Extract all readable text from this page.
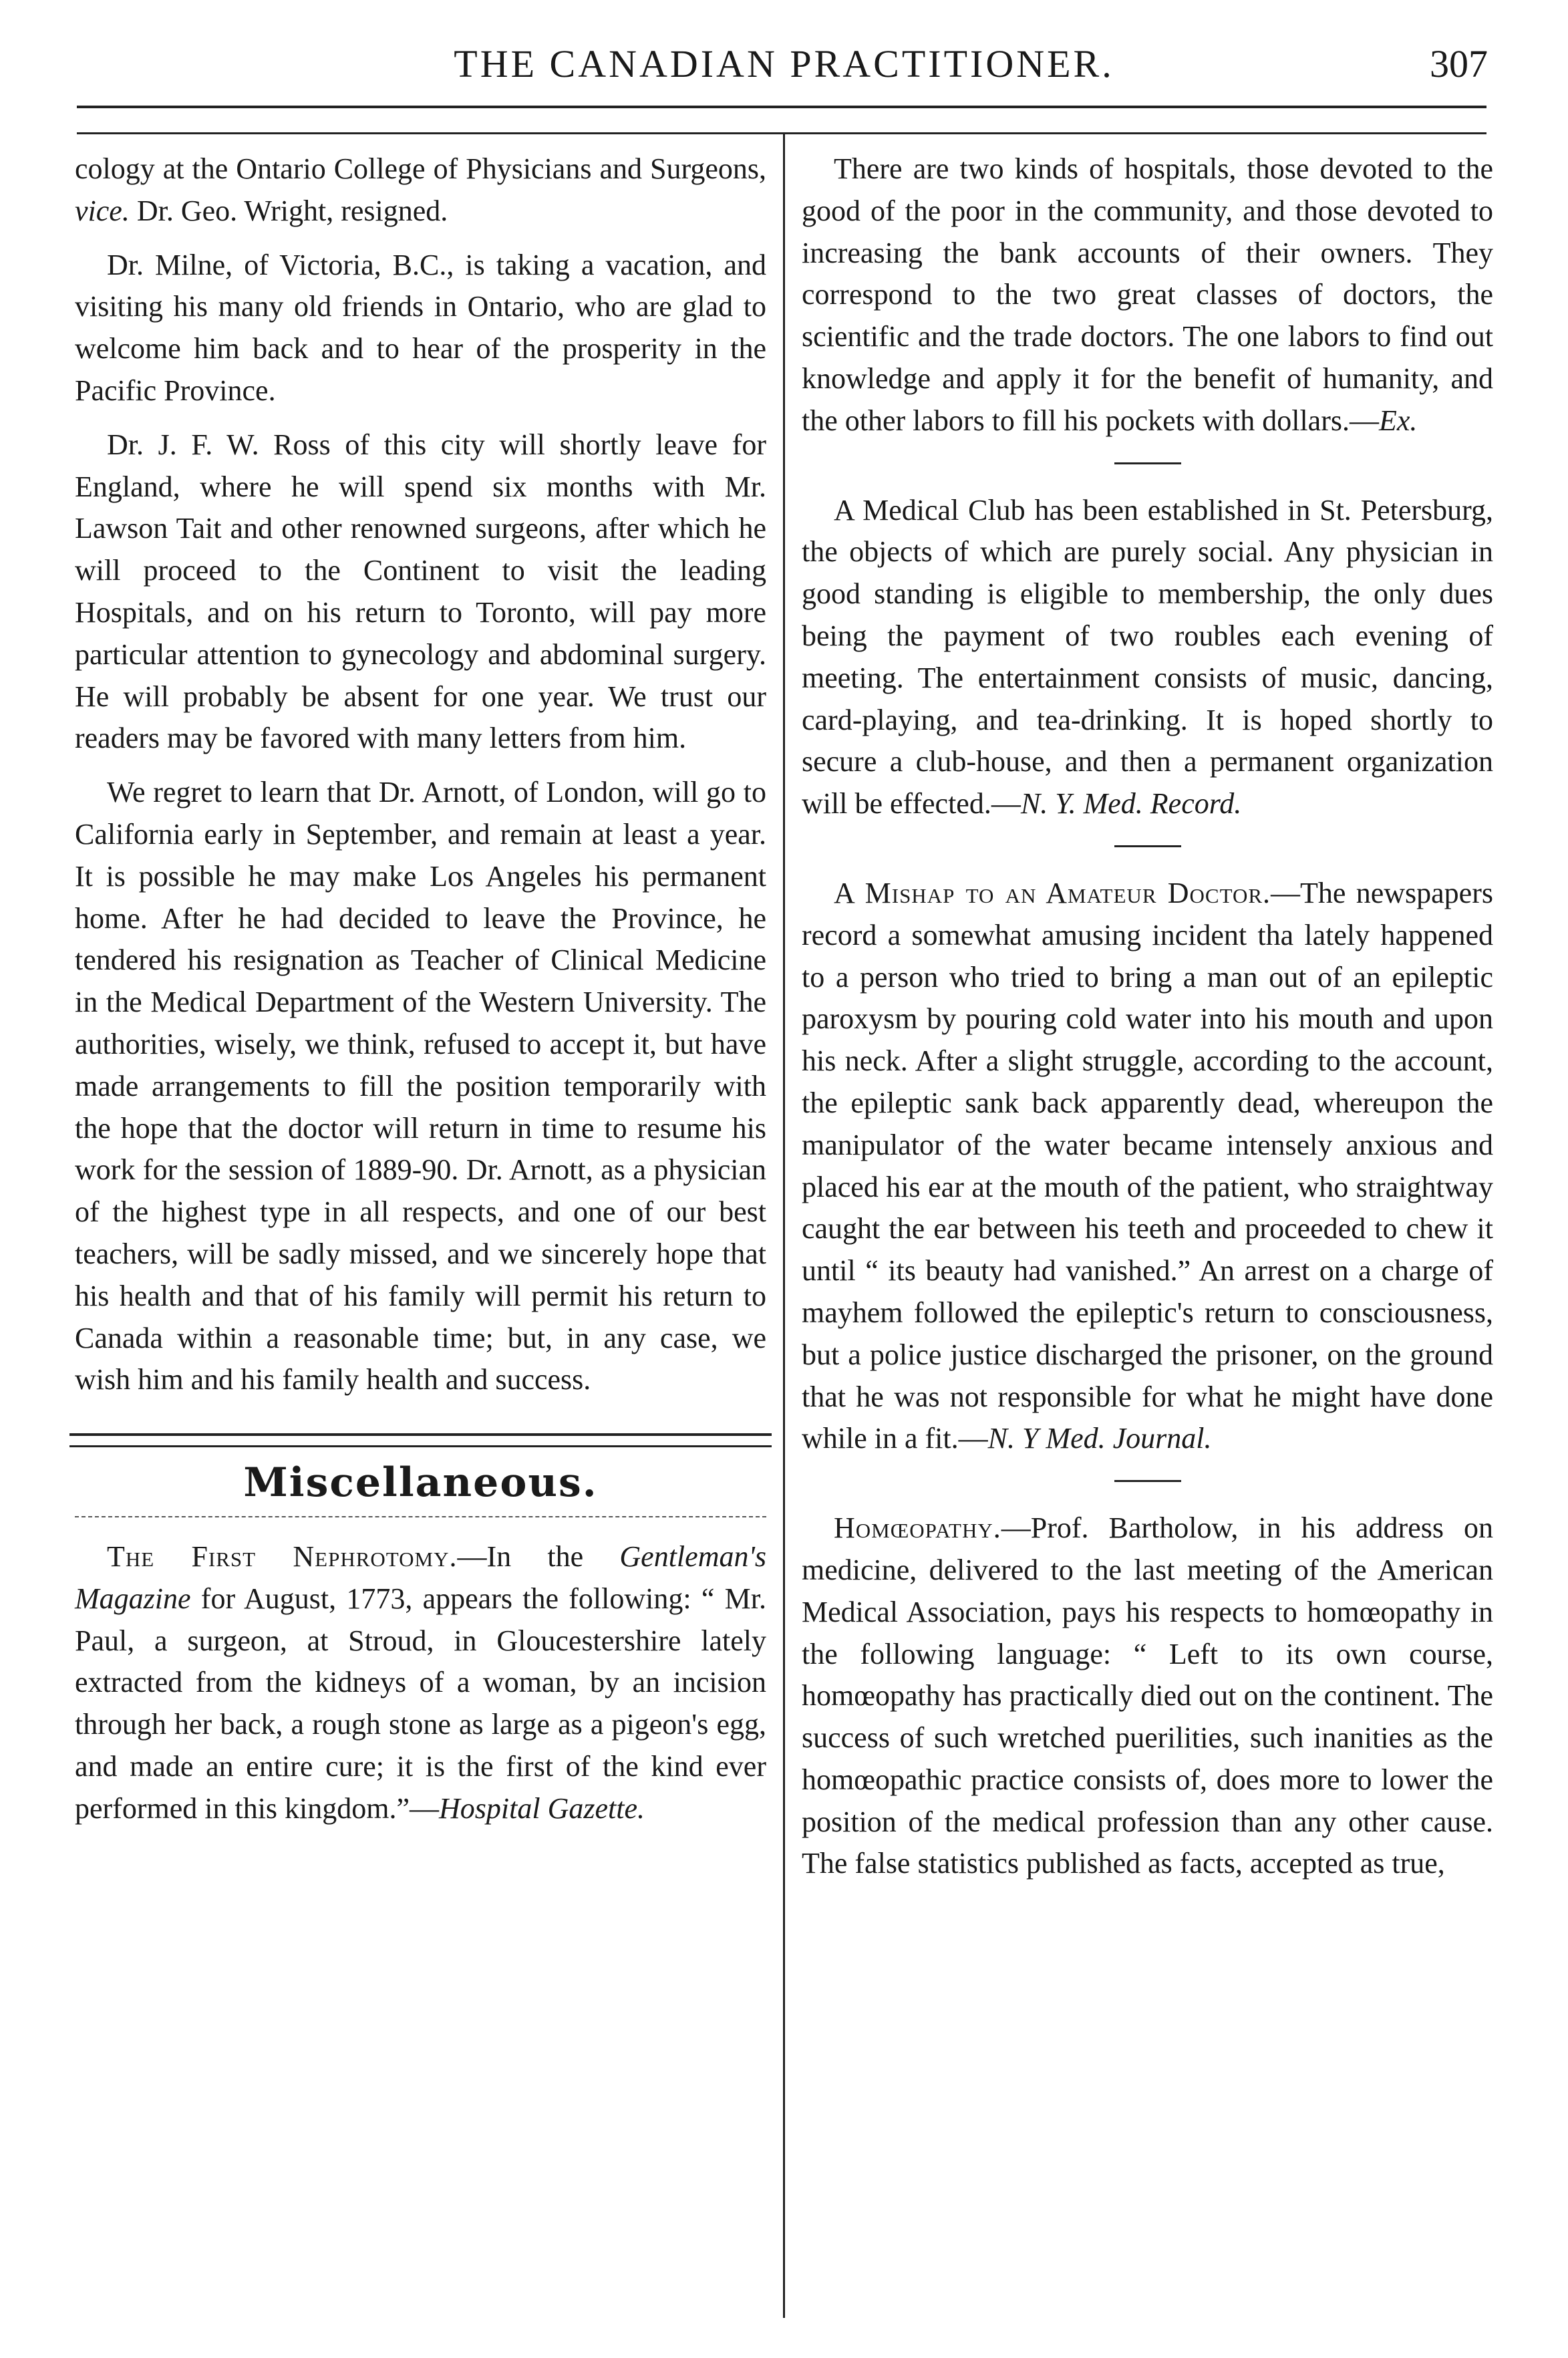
THE CANADIAN PRACTITIONER.	307

cology at the Ontario College of Physicians and Surgeons, vice. Dr. Geo. Wright, resigned.

Dr. Milne, of Victoria, B.C., is taking a vacation, and visiting his many old friends in Ontario, who are glad to welcome him back and to hear of the prosperity in the Pacific Province.

Dr. J. F. W. Ross of this city will shortly leave for England, where he will spend six months with Mr. Lawson Tait and other renowned surgeons, after which he will proceed to the Continent to visit the leading Hospitals, and on his return to Toronto, will pay more particular attention to gynecology and abdominal surgery. He will probably be absent for one year. We trust our readers may be favored with many letters from him.

We regret to learn that Dr. Arnott, of London, will go to California early in September, and remain at least a year. It is possible he may make Los Angeles his permanent home. After he had decided to leave the Province, he tendered his resignation as Teacher of Clinical Medicine in the Medical Department of the Western University. The authorities, wisely, we think, refused to accept it, but have made arrangements to fill the position temporarily with the hope that the doctor will return in time to resume his work for the session of 1889-90. Dr. Arnott, as a physician of the highest type in all respects, and one of our best teachers, will be sadly missed, and we sincerely hope that his health and that of his family will permit his return to Canada within a reasonable time; but, in any case, we wish him and his family health and success.

Miscellaneous.

The First Nephrotomy.—In the Gentleman's Magazine for August, 1773, appears the following: “ Mr. Paul, a surgeon, at Stroud, in Gloucestershire lately extracted from the kidneys of a woman, by an incision through her back, a rough stone as large as a pigeon's egg, and made an entire cure; it is the first of the kind ever performed in this kingdom.”—Hospital Gazette.

There are two kinds of hospitals, those devoted to the good of the poor in the community, and those devoted to increasing the bank accounts of their owners. They correspond to the two great classes of doctors, the scientific and the trade doctors. The one labors to find out knowledge and apply it for the benefit of humanity, and the other labors to fill his pockets with dollars.—Ex.

A Medical Club has been established in St. Petersburg, the objects of which are purely social. Any physician in good standing is eligible to membership, the only dues being the payment of two roubles each evening of meeting. The entertainment consists of music, dancing, card-playing, and tea-drinking. It is hoped shortly to secure a club-house, and then a permanent organization will be effected.—N. Y. Med. Record.

A Mishap to an Amateur Doctor.—The newspapers record a somewhat amusing incident tha lately happened to a person who tried to bring a man out of an epileptic paroxysm by pouring cold water into his mouth and upon his neck. After a slight struggle, according to the account, the epileptic sank back apparently dead, whereupon the manipulator of the water became intensely anxious and placed his ear at the mouth of the patient, who straightway caught the ear between his teeth and proceeded to chew it until “ its beauty had vanished.” An arrest on a charge of mayhem followed the epileptic's return to consciousness, but a police justice discharged the prisoner, on the ground that he was not responsible for what he might have done while in a fit.—N. Y Med. Journal.

Homœopathy.—Prof. Bartholow, in his address on medicine, delivered to the last meeting of the American Medical Association, pays his respects to homœopathy in the following language: “ Left to its own course, homœopathy has practically died out on the continent. The success of such wretched puerilities, such inanities as the homœopathic practice consists of, does more to lower the position of the medical profession than any other cause. The false statistics published as facts, accepted as true,
